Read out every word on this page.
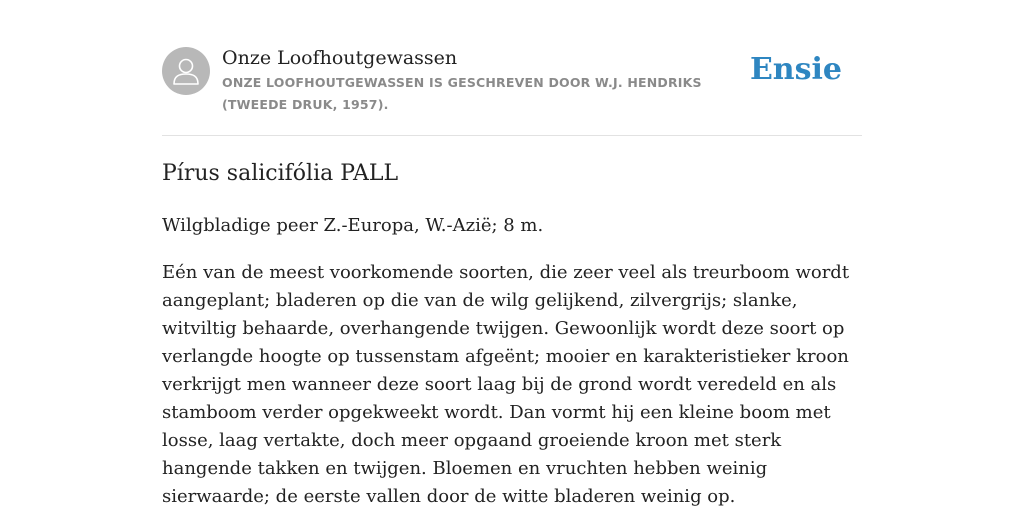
Onze Loofhoutgewassen
ONZE LOOFHOUTGEWASSEN IS GESCHREVEN DOOR W.J. HENDRIKS (TWEEDE DRUK, 1957).
Ensie
Pírus salicifólia PALL

Wilgbladige peer Z.-Europa, W.-Azië; 8 m.

Eén van de meest voorkomende soorten, die zeer veel als treurboom wordt aangeplant; bladeren op die van de wilg gelijkend, zilvergrijs; slanke, witviltig behaarde, overhangende twijgen. Gewoonlijk wordt deze soort op verlangde hoogte op tussenstam afgeënt; mooier en karakteristieker kroon verkrijgt men wanneer deze soort laag bij de grond wordt veredeld en als stamboom verder opgekweekt wordt. Dan vormt hij een kleine boom met losse, laag vertakte, doch meer opgaand groeiende kroon met sterk hangende takken en twijgen. Bloemen en vruchten hebben weinig sierwaarde; de eerste vallen door de witte bladeren weinig op.
